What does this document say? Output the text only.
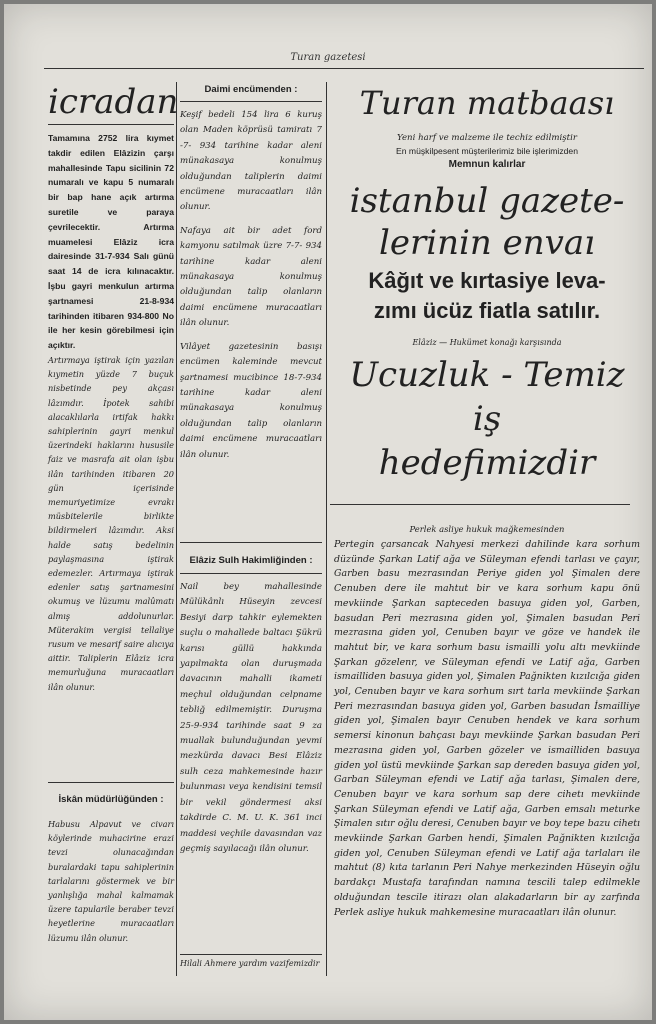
Turan gazetesi
icradan
Tamamına 2752 lira kıymet takdir edilen Elâzizin çarşı mahallesinde Tapu sicilinin 72 numaralı ve kapu 5 numaralı bir bap hane açık artırma suretile ve paraya çevrilecektir. Artırma muamelesi Elâziz icra dairesinde 31-7-934 Salı günü saat 14 de icra kılınacaktır. İşbu gayri menkulun artırma şartnamesi 21-8-934 tarihinden itibaren 934-800 No ile her kesin görebilmesi için açıktır.
Artırmaya iştirak için yazılan kıymetin yüzde 7 buçuk nisbetinde pey akçası lâzımdır. İpotek sahibi alacaklılarla irtifak hakkı sahiplerinin gayri menkul üzerindeki haklarını hususile faiz ve masrafa ait olan işbu ilân tarihinden itibaren 20 gün içerisinde memuriyetimize evrakı müsbitelerile birlikte bildirmeleri lâzımdır. Aksi halde satış bedelinin paylaşmasına iştirak edemezler. Artırmaya iştirak edenler satış şartnamesini okumuş ve lüzumu malûmatı almış addolunurlar. Müterakim vergisi tellaliye rusum ve mesarif saire alıcıya aittir. Taliplerin Elâziz icra memurluğuna muracaatları ilân olunur.
İskân müdürlüğünden :
Habusu Alpavut ve civarı köylerinde muhacirine erazi tevzi olunacağından buralardaki tapu sahiplerinin tarlalarını göstermek ve bir yanlışlığa mahal kalmamak üzere tapularile beraber tevzi heyetlerine muracaatları lüzumu ilân olunur.
Daimi encümenden :
Keşif bedeli 154 lira 6 kuruş olan Maden köprüsü tamiratı 7 -7- 934 tarihine kadar aleni münakasaya konulmuş olduğundan taliplerin daimi encümene muracaatları ilân olunur.
Nafaya ait bir adet ford kamyonu satılmak üzre 7-7- 934 tarihine kadar aleni münakasaya konulmuş olduğundan talip olanların daimi encümene muracaatları ilân olunur.
Vilâyet gazetesinin basışı encümen kaleminde mevcut şartnamesi mucibince 18-7-934 tarihine kadar aleni münakasaya konulmuş olduğundan talip olanların daimi encümene muracaatları ilân olunur.
Elâziz Sulh Hakimliğinden :
Nail bey mahallesinde Mülükânlı Hüseyin zevcesi Besiyi darp tahkir eylemekten suçlu o mahallede baltacı Şükrü karısı güllü hakkında yapılmakta olan duruşmada davacının mahalli ikameti meçhul olduğundan celpname tebliğ edilmemiştir. Duruşma 25-9-934 tarihinde saat 9 za muallak bulunduğundan yevmi mezkürda davacı Besi Elâziz sulh ceza mahkemesinde hazır bulunması veya kendisini temsil bir vekil göndermesi aksi takdirde C. M. U. K. 361 inci maddesi veçhile davasından vaz geçmiş sayılacağı ilân olunur.
Hilali Ahmere yardım vazifemizdir
Turan matbaası
Yeni harf ve malzeme ile techiz edilmiştir
En müşkilpesent müşterilerimiz bile işlerimizden
Memnun kalırlar
istanbul gazete-
lerinin envaı
Kâğıt ve kırtasiye leva-
zımı ücüz fiatla satılır.
Elâziz — Hukümet konağı karşısında
Ucuzluk - Temiz iş
hedefimizdir
Perlek asliye hukuk mağkemesinden
Pertegin çarsancak Nahyesi merkezi dahilinde kara sorhum düzünde Şarkan Latif ağa ve Süleyman efendi tarlası ve çayır, Garben basu mezrasından Periye giden yol Şimalen dere Cenuben dere ile mahtut bir ve kara sorhum kapu önü mevkiinde Şarkan sapteceden basuya giden yol, Garben, basudan Peri mezrasına giden yol, Şimalen basudan Peri mezrasına giden yol, Cenuben bayır ve göze ve handek ile mahtut bir, ve kara sorhum basu ismailli yolu altı mevkiinde Şarkan gözelenr, ve Süleyman efendi ve Latif ağa, Garben ismailliden basuya giden yol, Şimalen Pağnikten kızılcığa giden yol, Cenuben bayır ve kara sorhum sırt tarla mevkiinde Şarkan Peri mezrasından basuya giden yol, Garben basudan İsmailliye giden yol, Şimalen bayır Cenuben hendek ve kara sorhum semersi kinonun bahçası bayı mevkiinde Şarkan basudan Peri mezrasına giden yol, Garben gözeler ve ismailliden basuya giden yol üstü mevkiinde Şarkan sap dereden basuya giden yol, Garban Süleyman efendi ve Latif ağa tarlası, Şimalen dere, Cenuben bayır ve kara sorhum sap dere cihetı mevkiinde Şarkan Süleyman efendi ve Latif ağa, Garben emsalı meturke Şimalen sıtır oğlu deresi, Cenuben bayır ve boy tepe bazu cihetı mevkiinde Şarkan Garben hendi, Şimalen Pağnikten kızılcığa giden yol, Cenuben Süleyman efendi ve Latif ağa tarlaları ile mahtut (8) kıta tarlanın Peri Nahye merkezinden Hüseyin oğlu bardakçı Mustafa tarafından namına tescili talep edilmekle olduğundan tescile itirazı olan alakadarların bir ay zarfında Perlek asliye hukuk mahkemesine muracaatları ilân olunur.
